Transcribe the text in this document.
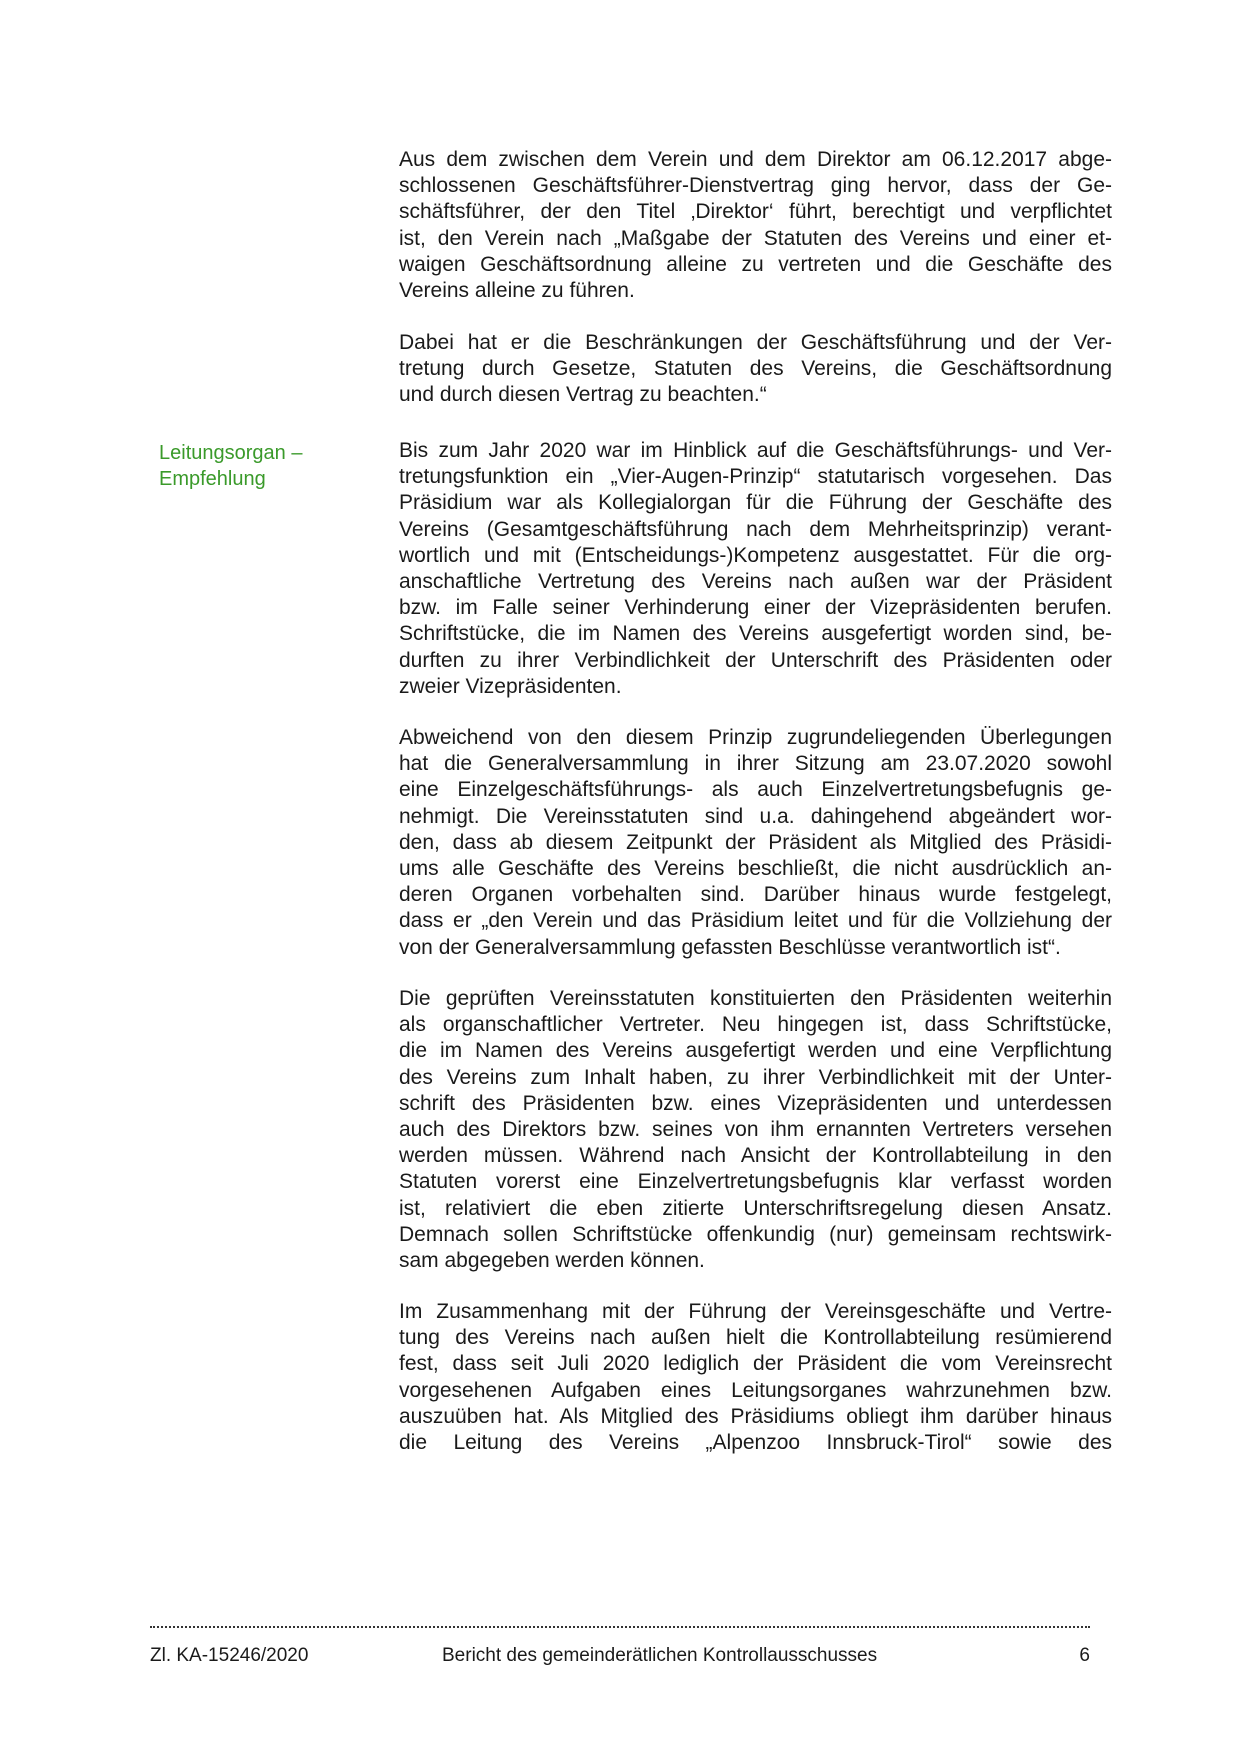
Leitungsorgan –
Empfehlung
Aus dem zwischen dem Verein und dem Direktor am 06.12.2017 abge-
schlossenen Geschäftsführer-Dienstvertrag ging hervor, dass der Ge-
schäftsführer, der den Titel ‚Direktor‘ führt, berechtigt und verpflichtet
ist, den Verein nach „Maßgabe der Statuten des Vereins und einer et-
waigen Geschäftsordnung alleine zu vertreten und die Geschäfte des
Vereins alleine zu führen.
Dabei hat er die Beschränkungen der Geschäftsführung und der Ver-
tretung durch Gesetze, Statuten des Vereins, die Geschäftsordnung
und durch diesen Vertrag zu beachten.“
Bis zum Jahr 2020 war im Hinblick auf die Geschäftsführungs- und Ver-
tretungsfunktion ein „Vier-Augen-Prinzip“ statutarisch vorgesehen. Das
Präsidium war als Kollegialorgan für die Führung der Geschäfte des
Vereins (Gesamtgeschäftsführung nach dem Mehrheitsprinzip) verant-
wortlich und mit (Entscheidungs-)Kompetenz ausgestattet. Für die org-
anschaftliche Vertretung des Vereins nach außen war der Präsident
bzw. im Falle seiner Verhinderung einer der Vizepräsidenten berufen.
Schriftstücke, die im Namen des Vereins ausgefertigt worden sind, be-
durften zu ihrer Verbindlichkeit der Unterschrift des Präsidenten oder
zweier Vizepräsidenten.
Abweichend von den diesem Prinzip zugrundeliegenden Überlegungen
hat die Generalversammlung in ihrer Sitzung am 23.07.2020 sowohl
eine Einzelgeschäftsführungs- als auch Einzelvertretungsbefugnis ge-
nehmigt. Die Vereinsstatuten sind u.a. dahingehend abgeändert wor-
den, dass ab diesem Zeitpunkt der Präsident als Mitglied des Präsidi-
ums alle Geschäfte des Vereins beschließt, die nicht ausdrücklich an-
deren Organen vorbehalten sind. Darüber hinaus wurde festgelegt,
dass er „den Verein und das Präsidium leitet und für die Vollziehung der
von der Generalversammlung gefassten Beschlüsse verantwortlich ist“.
Die geprüften Vereinsstatuten konstituierten den Präsidenten weiterhin
als organschaftlicher Vertreter. Neu hingegen ist, dass Schriftstücke,
die im Namen des Vereins ausgefertigt werden und eine Verpflichtung
des Vereins zum Inhalt haben, zu ihrer Verbindlichkeit mit der Unter-
schrift des Präsidenten bzw. eines Vizepräsidenten und unterdessen
auch des Direktors bzw. seines von ihm ernannten Vertreters versehen
werden müssen. Während nach Ansicht der Kontrollabteilung in den
Statuten vorerst eine Einzelvertretungsbefugnis klar verfasst worden
ist, relativiert die eben zitierte Unterschriftsregelung diesen Ansatz.
Demnach sollen Schriftstücke offenkundig (nur) gemeinsam rechtswirk-
sam abgegeben werden können.
Im Zusammenhang mit der Führung der Vereinsgeschäfte und Vertre-
tung des Vereins nach außen hielt die Kontrollabteilung resümierend
fest, dass seit Juli 2020 lediglich der Präsident die vom Vereinsrecht
vorgesehenen Aufgaben eines Leitungsorganes wahrzunehmen bzw.
auszuüben hat. Als Mitglied des Präsidiums obliegt ihm darüber hinaus
die Leitung des Vereins „Alpenzoo Innsbruck-Tirol“ sowie des
Zl. KA-15246/2020	Bericht des gemeinderätlichen Kontrollausschusses	6
